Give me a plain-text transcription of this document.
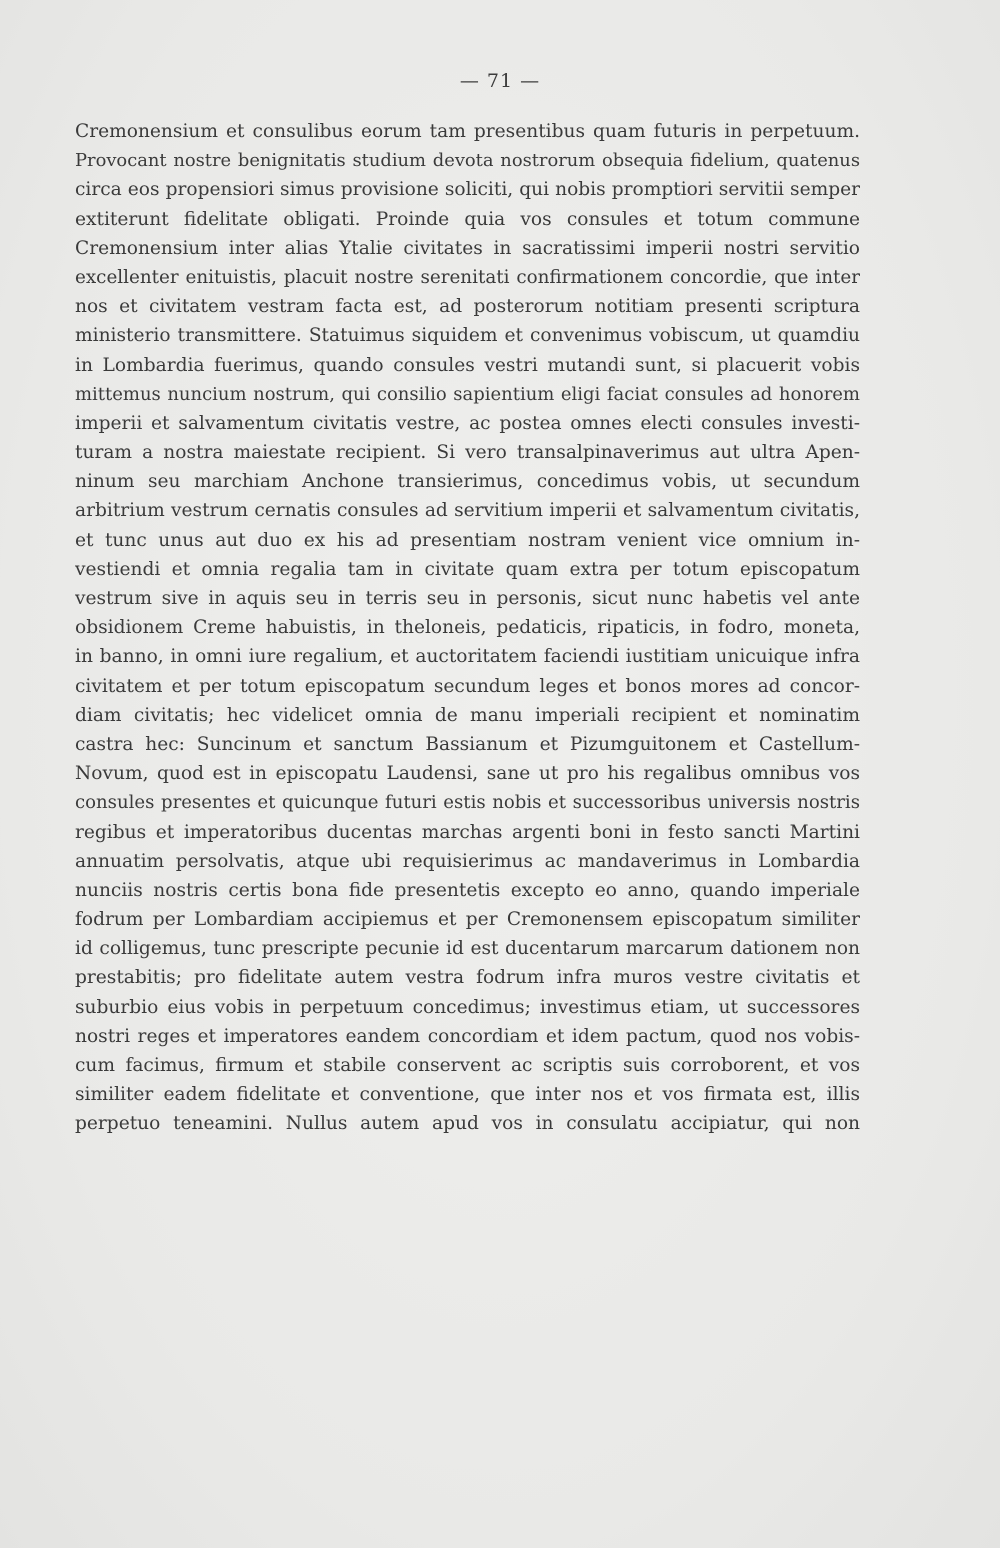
— 71 —
Cremonensium et consulibus eorum tam presentibus quam futuris in perpetuum.
Provocant nostre benignitatis studium devota nostrorum obsequia fidelium, quatenus
circa eos propensiori simus provisione soliciti, qui nobis promptiori servitii semper
extiterunt fidelitate obligati. Proinde quia vos consules et totum commune
Cremonensium inter alias Ytalie civitates in sacratissimi imperii nostri servitio
excellenter enituistis, placuit nostre serenitati confirmationem concordie, que inter
nos et civitatem vestram facta est, ad posterorum notitiam presenti scriptura
ministerio transmittere. Statuimus siquidem et convenimus vobiscum, ut quamdiu
in Lombardia fuerimus, quando consules vestri mutandi sunt, si placuerit vobis
mittemus nuncium nostrum, qui consilio sapientium eligi faciat consules ad honorem
imperii et salvamentum civitatis vestre, ac postea omnes electi consules investi-
turam a nostra maiestate recipient. Si vero transalpinaverimus aut ultra Apen-
ninum seu marchiam Anchone transierimus, concedimus vobis, ut secundum
arbitrium vestrum cernatis consules ad servitium imperii et salvamentum civitatis,
et tunc unus aut duo ex his ad presentiam nostram venient vice omnium in-
vestiendi et omnia regalia tam in civitate quam extra per totum episcopatum
vestrum sive in aquis seu in terris seu in personis, sicut nunc habetis vel ante
obsidionem Creme habuistis, in theloneis, pedaticis, ripaticis, in fodro, moneta,
in banno, in omni iure regalium, et auctoritatem faciendi iustitiam unicuique infra
civitatem et per totum episcopatum secundum leges et bonos mores ad concor-
diam civitatis; hec videlicet omnia de manu imperiali recipient et nominatim
castra hec: Suncinum et sanctum Bassianum et Pizumguitonem et Castellum-
Novum, quod est in episcopatu Laudensi, sane ut pro his regalibus omnibus vos
consules presentes et quicunque futuri estis nobis et successoribus universis nostris
regibus et imperatoribus ducentas marchas argenti boni in festo sancti Martini
annuatim persolvatis, atque ubi requisierimus ac mandaverimus in Lombardia
nunciis nostris certis bona fide presentetis excepto eo anno, quando imperiale
fodrum per Lombardiam accipiemus et per Cremonensem episcopatum similiter
id colligemus, tunc prescripte pecunie id est ducentarum marcarum dationem non
prestabitis; pro fidelitate autem vestra fodrum infra muros vestre civitatis et
suburbio eius vobis in perpetuum concedimus; investimus etiam, ut successores
nostri reges et imperatores eandem concordiam et idem pactum, quod nos vobis-
cum facimus, firmum et stabile conservent ac scriptis suis corroborent, et vos
similiter eadem fidelitate et conventione, que inter nos et vos firmata est, illis
perpetuo teneamini. Nullus autem apud vos in consulatu accipiatur, qui non
